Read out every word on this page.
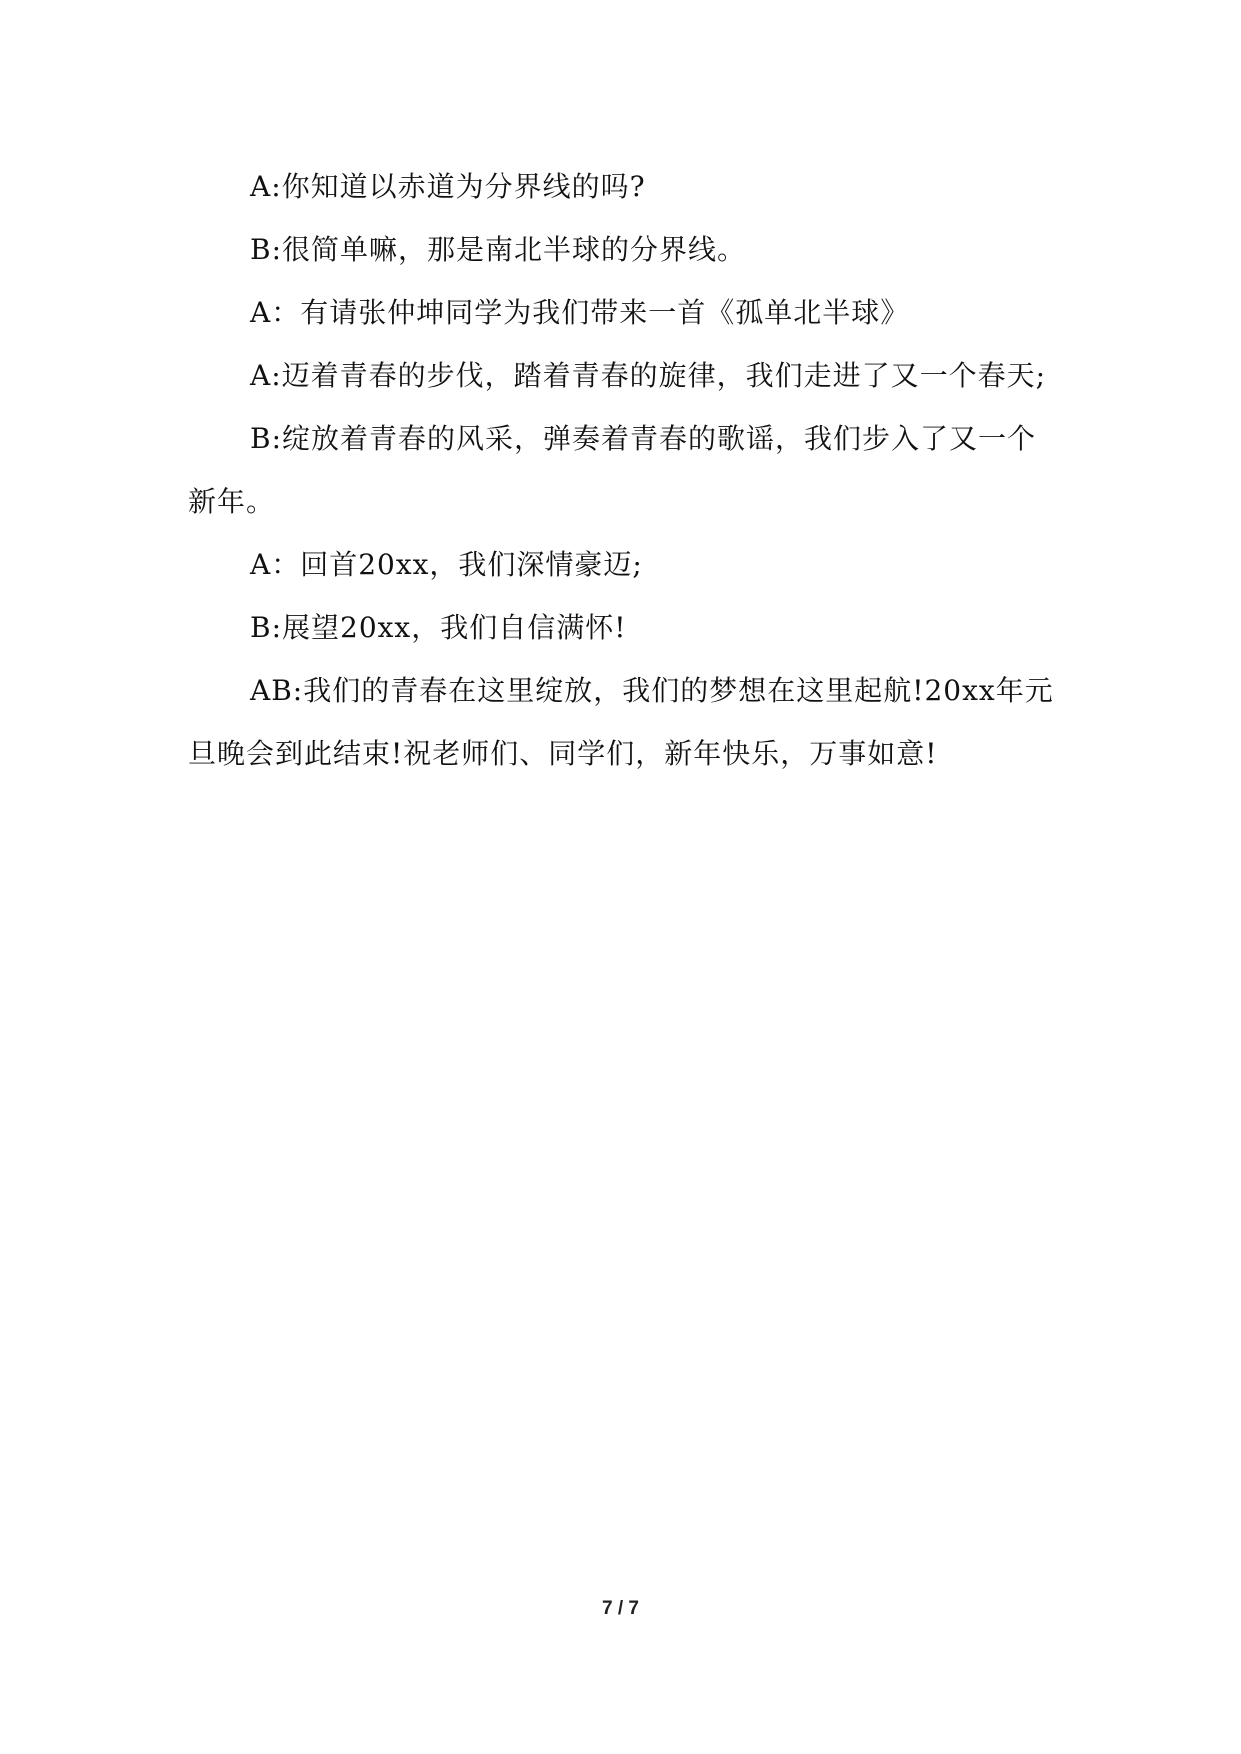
A:你知道以赤道为分界线的吗?

B:很简单嘛，那是南北半球的分界线。

A：有请张仲坤同学为我们带来一首《孤单北半球》

A:迈着青春的步伐，踏着青春的旋律，我们走进了又一个春天;

B:绽放着青春的风采，弹奏着青春的歌谣，我们步入了又一个新年。

A：回首20xx，我们深情豪迈;

B:展望20xx，我们自信满怀!

AB:我们的青春在这里绽放，我们的梦想在这里起航!20xx年元旦晚会到此结束!祝老师们、同学们，新年快乐，万事如意!

7 / 7
